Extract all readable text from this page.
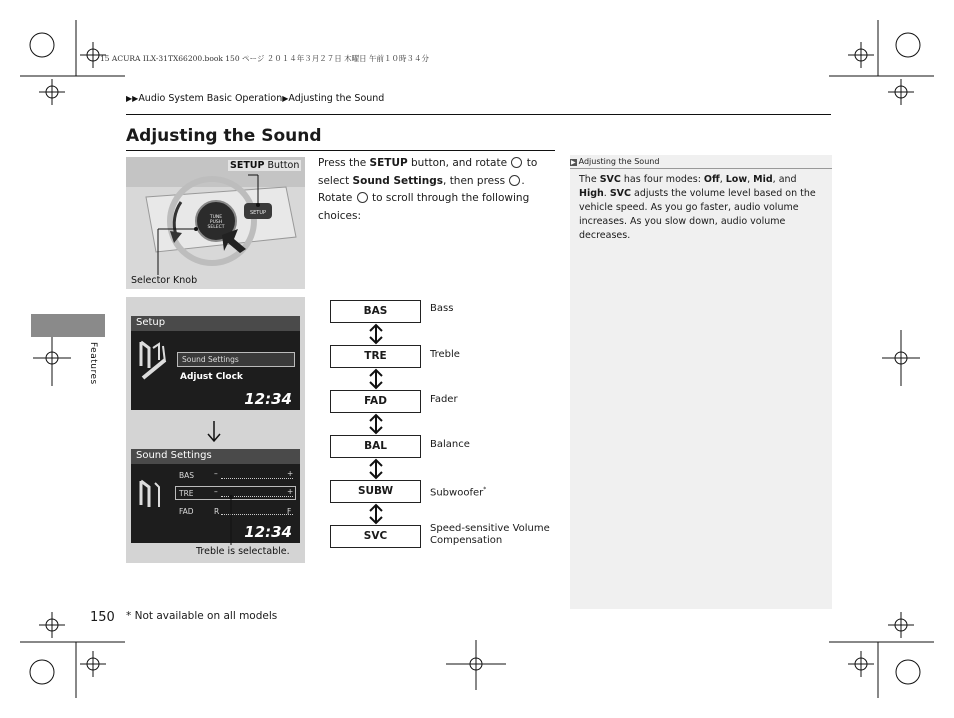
15 ACURA ILX-31TX66200.book 150 ページ ２０１４年３月２７日 木曜日 午前１０時３４分
▶▶Audio System Basic Operation▶Adjusting the Sound
Adjusting the Sound
TUNE
PUSH
SELECT
SETUP
SETUP Button
Selector Knob
Press the SETUP button, and rotate  to select Sound Settings, then press . Rotate  to scroll through the following choices:
Setup
Sound Settings
Adjust Clock
12:34
Sound Settings
BAS	–	+
TRE	–	+
FAD	R	F
12:34
Treble is selectable.
BAS
TRE
FAD
BAL
SUBW
SVC
Bass
Treble
Fader
Balance
Subwoofer*
Speed-sensitive Volume Compensation
▶ Adjusting the Sound
The SVC has four modes: Off, Low, Mid, and High. SVC adjusts the volume level based on the vehicle speed. As you go faster, audio volume increases. As you slow down, audio volume decreases.
Features
150 * Not available on all models
